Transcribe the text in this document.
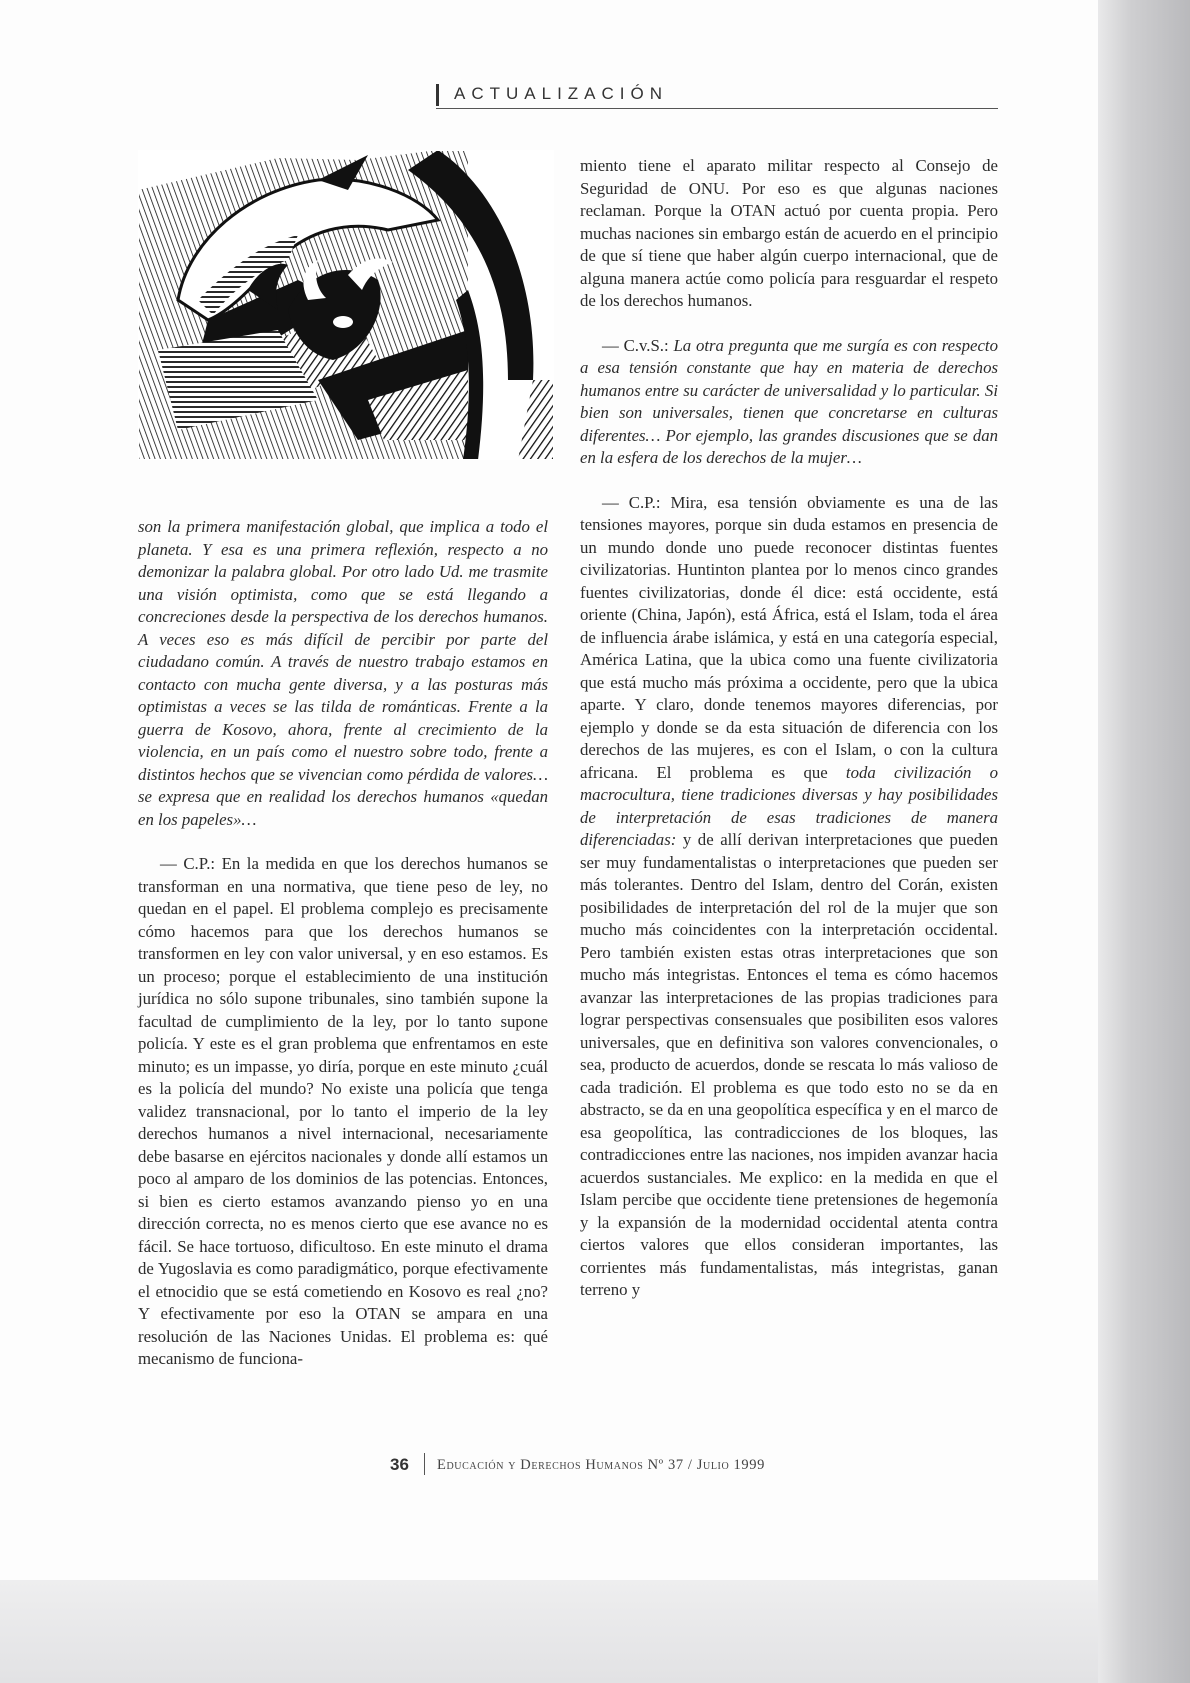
ACTUALIZACIÓN

son la primera manifestación global, que implica a todo el planeta. Y esa es una primera reflexión, respecto a no demonizar la palabra global. Por otro lado Ud. me trasmite una visión optimista, como que se está llegando a concreciones desde la perspectiva de los derechos humanos. A veces eso es más difícil de percibir por parte del ciudadano común. A través de nuestro trabajo estamos en contacto con mucha gente diversa, y a las posturas más optimistas a veces se las tilda de románticas. Frente a la guerra de Kosovo, ahora, frente al crecimiento de la violencia, en un país como el nuestro sobre todo, frente a distintos hechos que se vivencian como pérdida de valores… se expresa que en realidad los derechos humanos «quedan en los papeles»…

— C.P.: En la medida en que los derechos humanos se transforman en una normativa, que tiene peso de ley, no quedan en el papel. El problema complejo es precisamente cómo hacemos para que los derechos humanos se transformen en ley con valor universal, y en eso estamos. Es un proceso; porque el establecimiento de una institución jurídica no sólo supone tribunales, sino también supone la facultad de cumplimiento de la ley, por lo tanto supone policía. Y este es el gran problema que enfrentamos en este minuto; es un impasse, yo diría, porque en este minuto ¿cuál es la policía del mundo? No existe una policía que tenga validez transnacional, por lo tanto el imperio de la ley derechos humanos a nivel internacional, necesariamente debe basarse en ejércitos nacionales y donde allí estamos un poco al amparo de los dominios de las potencias. Entonces, si bien es cierto estamos avanzando pienso yo en una dirección correcta, no es menos cierto que ese avance no es fácil. Se hace tortuoso, dificultoso. En este minuto el drama de Yugoslavia es como paradigmático, porque efectivamente el etnocidio que se está cometiendo en Kosovo es real ¿no? Y efectivamente por eso la OTAN se ampara en una resolución de las Naciones Unidas. El problema es: qué mecanismo de funciona-

miento tiene el aparato militar respecto al Consejo de Seguridad de ONU. Por eso es que algunas naciones reclaman. Porque la OTAN actuó por cuenta propia. Pero muchas naciones sin embargo están de acuerdo en el principio de que sí tiene que haber algún cuerpo internacional, que de alguna manera actúe como policía para resguardar el respeto de los derechos humanos.

— C.v.S.: La otra pregunta que me surgía es con respecto a esa tensión constante que hay en materia de derechos humanos entre su carácter de universalidad y lo particular. Si bien son universales, tienen que concretarse en culturas diferentes… Por ejemplo, las grandes discusiones que se dan en la esfera de los derechos de la mujer…

— C.P.: Mira, esa tensión obviamente es una de las tensiones mayores, porque sin duda estamos en presencia de un mundo donde uno puede reconocer distintas fuentes civilizatorias. Huntinton plantea por lo menos cinco grandes fuentes civilizatorias, donde él dice: está occidente, está oriente (China, Japón), está África, está el Islam, toda el área de influencia árabe islámica, y está en una categoría especial, América Latina, que la ubica como una fuente civilizatoria que está mucho más próxima a occidente, pero que la ubica aparte. Y claro, donde tenemos mayores diferencias, por ejemplo y donde se da esta situación de diferencia con los derechos de las mujeres, es con el Islam, o con la cultura africana. El problema es que toda civilización o macrocultura, tiene tradiciones diversas y hay posibilidades de interpretación de esas tradiciones de manera diferenciadas: y de allí derivan interpretaciones que pueden ser muy fundamentalistas o interpretaciones que pueden ser más tolerantes. Dentro del Islam, dentro del Corán, existen posibilidades de interpretación del rol de la mujer que son mucho más coincidentes con la interpretación occidental. Pero también existen estas otras interpretaciones que son mucho más integristas. Entonces el tema es cómo hacemos avanzar las interpretaciones de las propias tradiciones para lograr perspectivas consensuales que posibiliten esos valores universales, que en definitiva son valores convencionales, o sea, producto de acuerdos, donde se rescata lo más valioso de cada tradición. El problema es que todo esto no se da en abstracto, se da en una geopolítica específica y en el marco de esa geopolítica, las contradicciones de los bloques, las contradicciones entre las naciones, nos impiden avanzar hacia acuerdos sustanciales. Me explico: en la medida en que el Islam percibe que occidente tiene pretensiones de hegemonía y la expansión de la modernidad occidental atenta contra ciertos valores que ellos consideran importantes, las corrientes más fundamentalistas, más integristas, ganan terreno y

36 Educación y Derechos Humanos Nº 37 / Julio 1999
